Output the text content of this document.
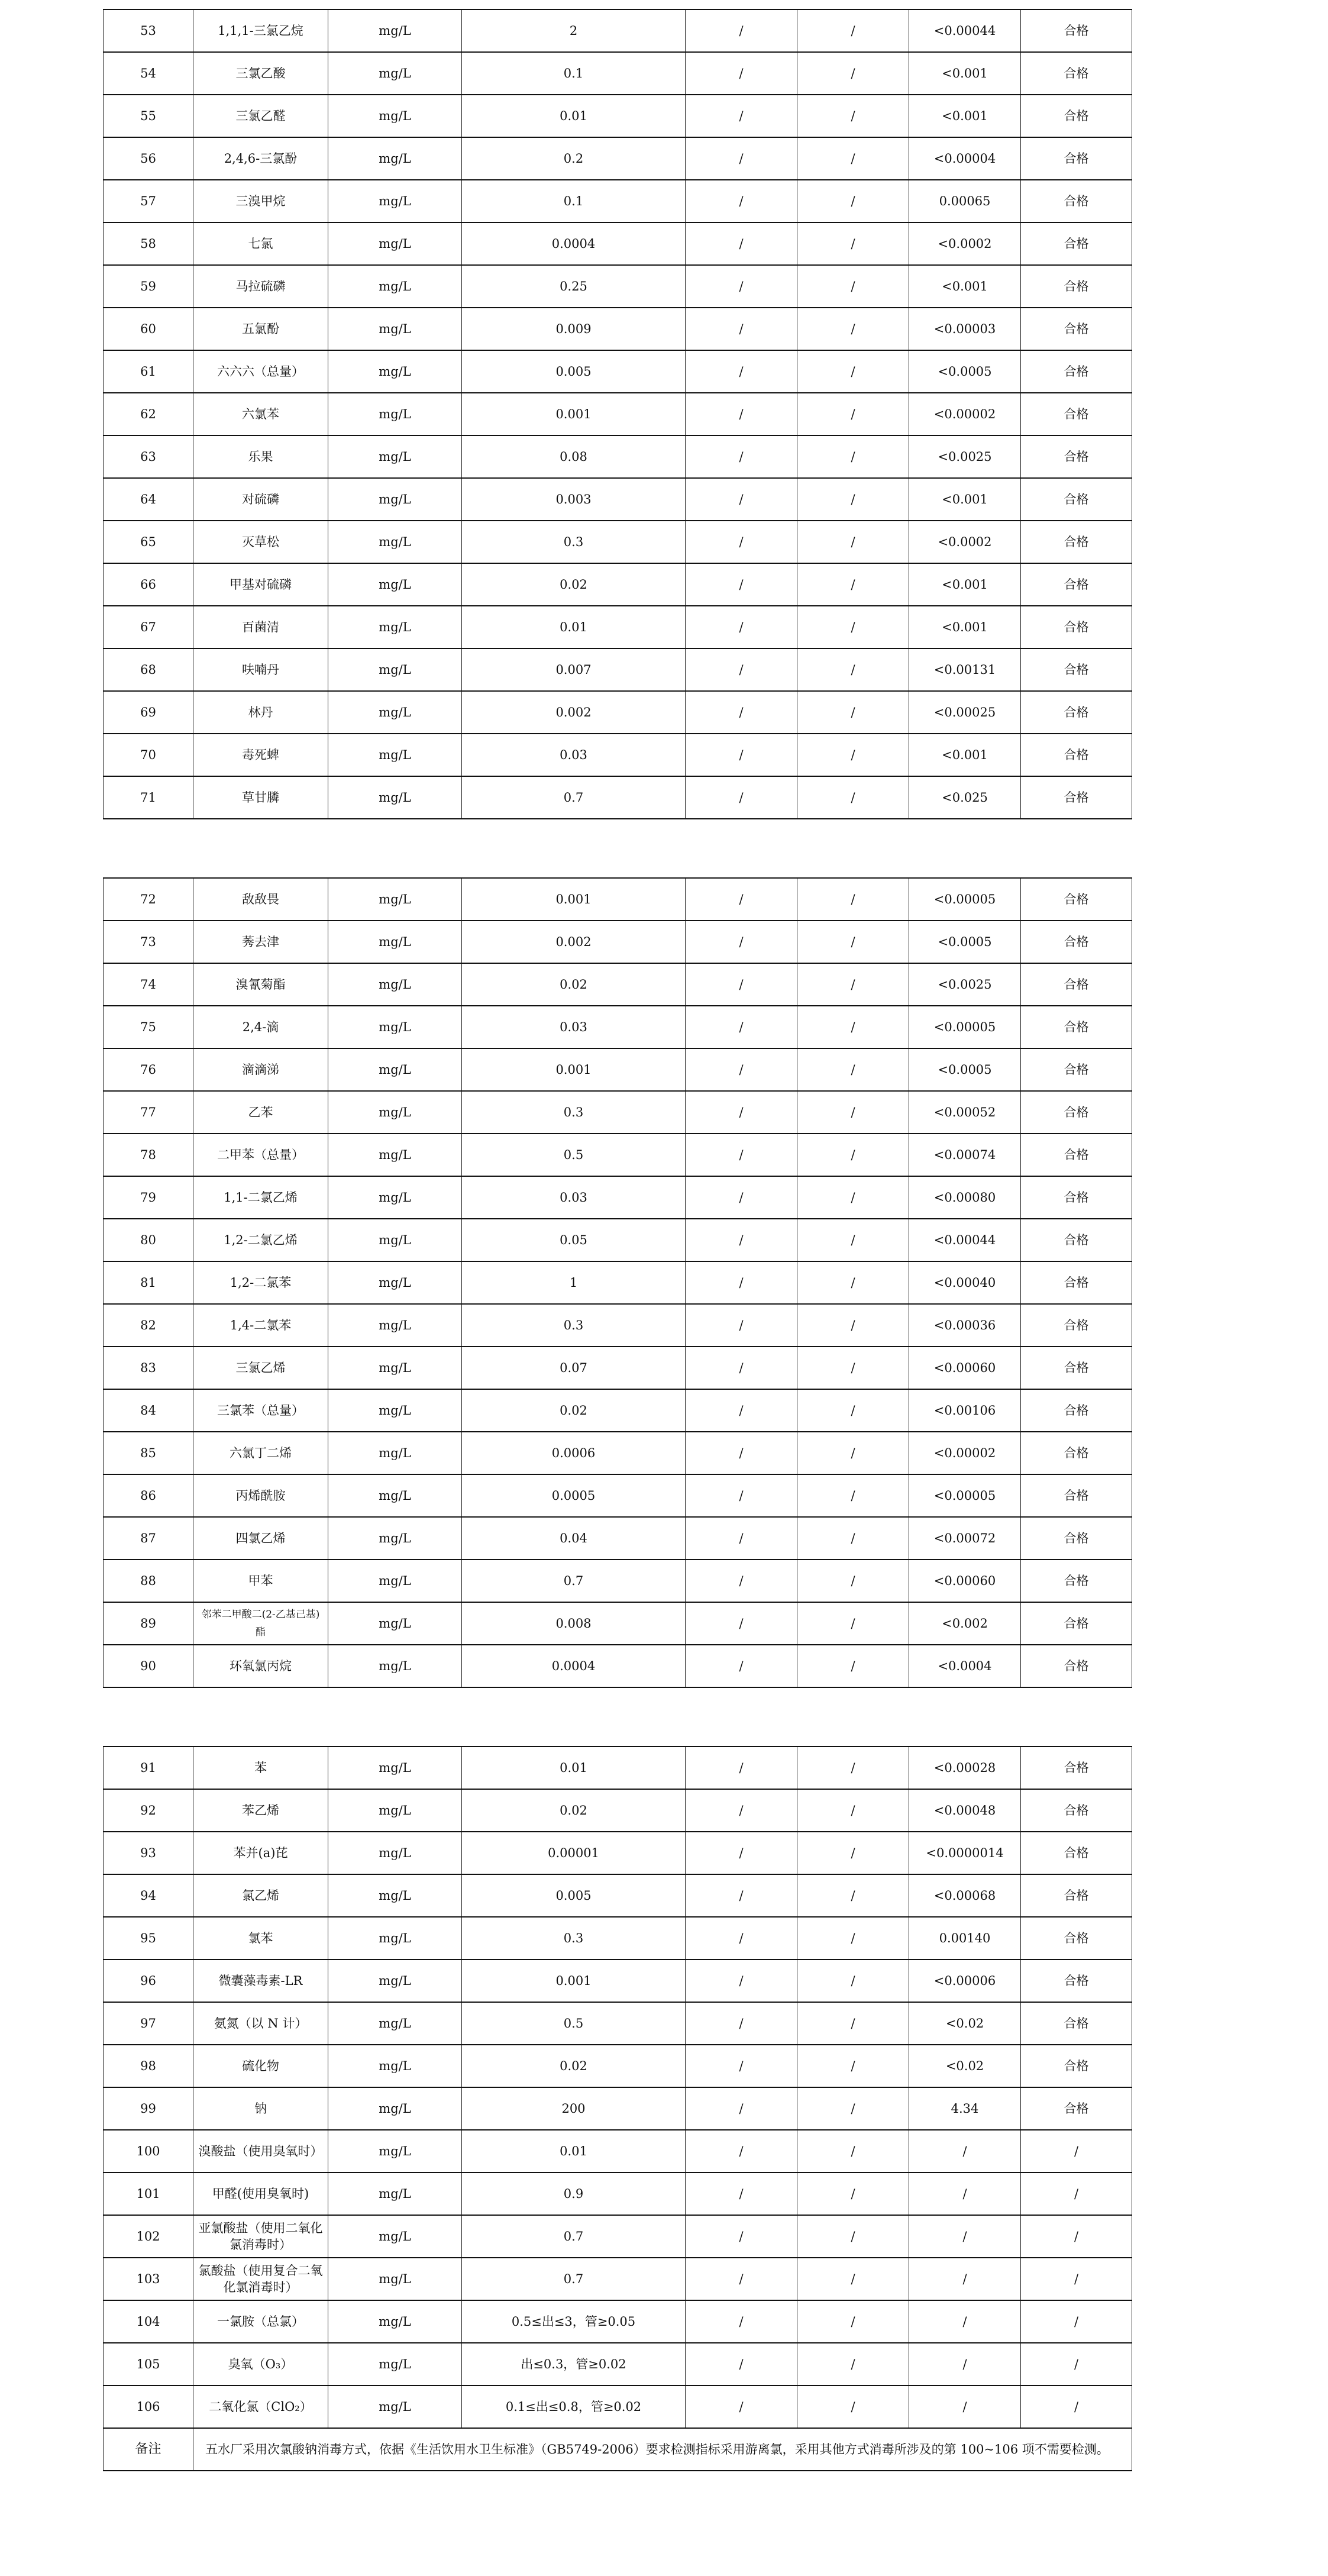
53	1,1,1-三氯乙烷	mg/L	2	/	/	<0.00044	合格
54	三氯乙酸	mg/L	0.1	/	/	<0.001	合格
55	三氯乙醛	mg/L	0.01	/	/	<0.001	合格
56	2,4,6-三氯酚	mg/L	0.2	/	/	<0.00004	合格
57	三溴甲烷	mg/L	0.1	/	/	0.00065	合格
58	七氯	mg/L	0.0004	/	/	<0.0002	合格
59	马拉硫磷	mg/L	0.25	/	/	<0.001	合格
60	五氯酚	mg/L	0.009	/	/	<0.00003	合格
61	六六六（总量）	mg/L	0.005	/	/	<0.0005	合格
62	六氯苯	mg/L	0.001	/	/	<0.00002	合格
63	乐果	mg/L	0.08	/	/	<0.0025	合格
64	对硫磷	mg/L	0.003	/	/	<0.001	合格
65	灭草松	mg/L	0.3	/	/	<0.0002	合格
66	甲基对硫磷	mg/L	0.02	/	/	<0.001	合格
67	百菌清	mg/L	0.01	/	/	<0.001	合格
68	呋喃丹	mg/L	0.007	/	/	<0.00131	合格
69	林丹	mg/L	0.002	/	/	<0.00025	合格
70	毒死蜱	mg/L	0.03	/	/	<0.001	合格
71	草甘膦	mg/L	0.7	/	/	<0.025	合格
72	敌敌畏	mg/L	0.001	/	/	<0.00005	合格
73	莠去津	mg/L	0.002	/	/	<0.0005	合格
74	溴氰菊酯	mg/L	0.02	/	/	<0.0025	合格
75	2,4-滴	mg/L	0.03	/	/	<0.00005	合格
76	滴滴涕	mg/L	0.001	/	/	<0.0005	合格
77	乙苯	mg/L	0.3	/	/	<0.00052	合格
78	二甲苯（总量）	mg/L	0.5	/	/	<0.00074	合格
79	1,1-二氯乙烯	mg/L	0.03	/	/	<0.00080	合格
80	1,2-二氯乙烯	mg/L	0.05	/	/	<0.00044	合格
81	1,2-二氯苯	mg/L	1	/	/	<0.00040	合格
82	1,4-二氯苯	mg/L	0.3	/	/	<0.00036	合格
83	三氯乙烯	mg/L	0.07	/	/	<0.00060	合格
84	三氯苯（总量）	mg/L	0.02	/	/	<0.00106	合格
85	六氯丁二烯	mg/L	0.0006	/	/	<0.00002	合格
86	丙烯酰胺	mg/L	0.0005	/	/	<0.00005	合格
87	四氯乙烯	mg/L	0.04	/	/	<0.00072	合格
88	甲苯	mg/L	0.7	/	/	<0.00060	合格
89	邻苯二甲酸二(2-乙基己基) 酯	mg/L	0.008	/	/	<0.002	合格
90	环氧氯丙烷	mg/L	0.0004	/	/	<0.0004	合格
91	苯	mg/L	0.01	/	/	<0.00028	合格
92	苯乙烯	mg/L	0.02	/	/	<0.00048	合格
93	苯并(a)芘	mg/L	0.00001	/	/	<0.0000014	合格
94	氯乙烯	mg/L	0.005	/	/	<0.00068	合格
95	氯苯	mg/L	0.3	/	/	0.00140	合格
96	微囊藻毒素-LR	mg/L	0.001	/	/	<0.00006	合格
97	氨氮（以 N 计）	mg/L	0.5	/	/	<0.02	合格
98	硫化物	mg/L	0.02	/	/	<0.02	合格
99	钠	mg/L	200	/	/	4.34	合格
100	溴酸盐（使用臭氧时）	mg/L	0.01	/	/	/	/
101	甲醛(使用臭氧时)	mg/L	0.9	/	/	/	/
102	亚氯酸盐（使用二氧化氯消毒时）	mg/L	0.7	/	/	/	/
103	氯酸盐（使用复合二氧化氯消毒时）	mg/L	0.7	/	/	/	/
104	一氯胺（总氯）	mg/L	0.5≤出≤3，管≥0.05	/	/	/	/
105	臭氧（O₃）	mg/L	出≤0.3，管≥0.02	/	/	/	/
106	二氧化氯（ClO₂）	mg/L	0.1≤出≤0.8，管≥0.02	/	/	/	/
备注	五水厂采用次氯酸钠消毒方式，依据《生活饮用水卫生标准》（GB5749-2006）要求检测指标采用游离氯，采用其他方式消毒所涉及的第 100~106 项不需要检测。						
